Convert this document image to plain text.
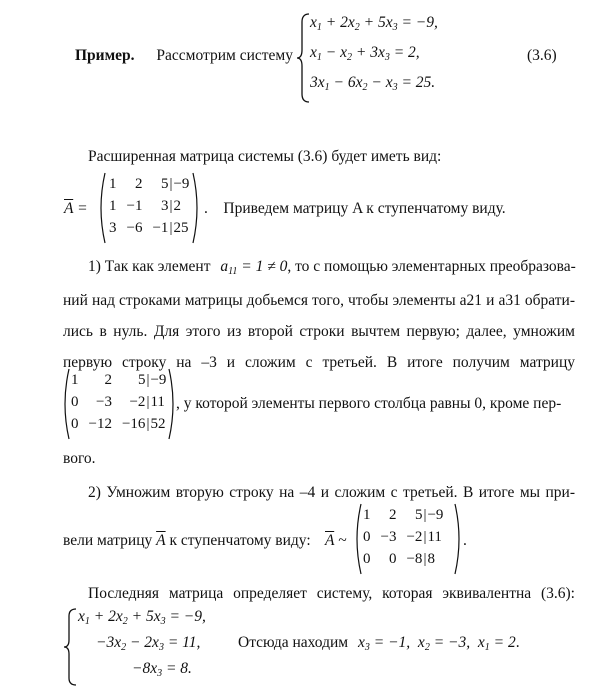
Пример. Рассмотрим систему
$x_1 + 2x_2 + 5x_3 = -9$,
$x_1 - x_2 + 3x_3 = 2$,
$3x_1 - 6x_2 - x_3 = 25$.
(3.6)
Расширенная матрица системы (3.6) будет иметь вид:
$\overline{A}$ =
1	2	5	|	−9
1	−1	3	|	2
3	−6	−1	|	25
.    Приведем матрицу A к ступенчатому виду.
1) Так как элемент $a_{11} = 1 \ne 0$, то с помощью элементарных преобразова-
ний над строками матрицы добьемся того, чтобы элементы a21 и a31 обрати-
лись в нуль. Для этого из второй строки вычтем первую; далее, умножим
первую строку на –3 и сложим с третьей. В итоге получим матрицу
1	2	5	|	−9
0	−3	−2	|	11
0	−12	−16	|	52
, у которой элементы первого столбца равны 0, кроме пер-
вого.
2) Умножим вторую строку на –4 и сложим с третьей. В итоге мы при-
вели матрицу $\overline{A}$ к ступенчатому виду: $\overline{A}$ ~
1	2	5	|	−9
0	−3	−2	|	11
0	0	−8	|	8
.
Последняя матрица определяет систему, которая эквивалентна (3.6):
$x_1 + 2x_2 + 5x_3 = -9$,
$-3x_2 - 2x_3 = 11$,
$-8x_3 = 8$.
Отсюда находим $x_3 = -1$,  $x_2 = -3$,  $x_1 = 2$.
